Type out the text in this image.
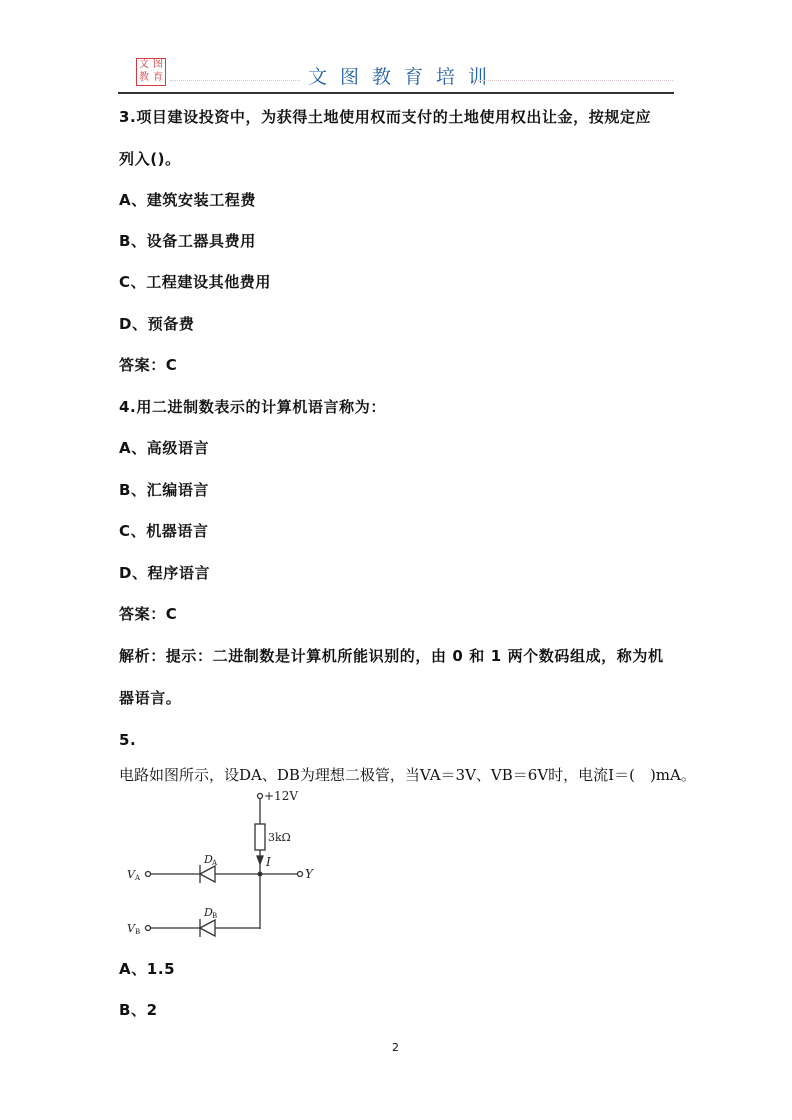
文 图
教 育	文图教育培训
3.项目建设投资中，为获得土地使用权而支付的土地使用权出让金，按规定应
列入()。
A、建筑安装工程费
B、设备工器具费用
C、工程建设其他费用
D、预备费
答案：C
4.用二进制数表示的计算机语言称为：
A、高级语言
B、汇编语言
C、机器语言
D、程序语言
答案：C
解析：提示：二进制数是计算机所能识别的，由 0 和 1 两个数码组成，称为机
器语言。
5.
电路如图所示，设DA、DB为理想二极管，当VA＝3V、VB＝6V时，电流I＝(　)mA。
+12V
3kΩ
I
D A
D B
V A
V B
Y
A、1.5
B、2
2
